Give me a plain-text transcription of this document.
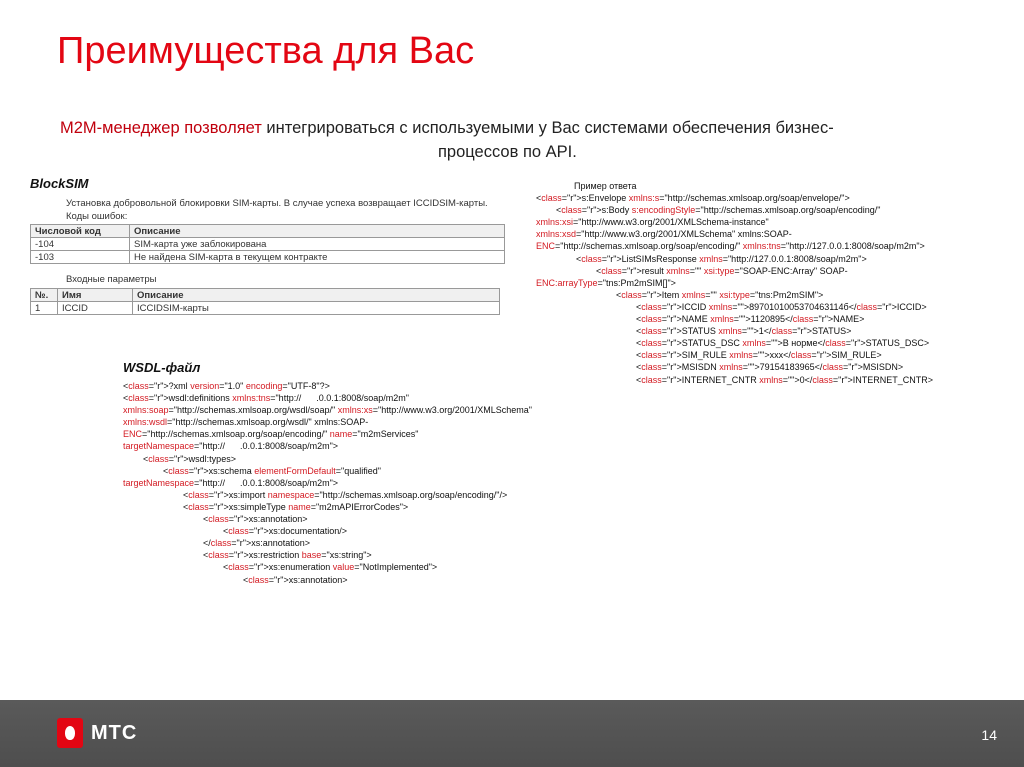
Преимущества для Вас
M2M-менеджер позволяет интегрироваться с используемыми у Вас системами обеспечения бизнес-
процессов по API.
BlockSIM
Установка добровольной блокировки SIM-карты. В случае успеха возвращает ICCIDSIM-карты.
Коды ошибок:
Числовой код	Описание
-104	SIM-карта уже заблокирована
-103	Не найдена SIM-карта в текущем контракте
Входные параметры
№.	Имя	Описание
1	ICCID	ICCIDSIM-карты
WSDL-файл
<class="r">?xml version="1.0" encoding="UTF-8"?>
<class="r">wsdl:definitions xmlns:tns="http://      .0.0.1:8008/soap/m2m"
xmlns:soap="http://schemas.xmlsoap.org/wsdl/soap/" xmlns:xs="http://www.w3.org/2001/XMLSchema"
xmlns:wsdl="http://schemas.xmlsoap.org/wsdl/" xmlns:SOAP-
ENC="http://schemas.xmlsoap.org/soap/encoding/" name="m2mServices"
targetNamespace="http://      .0.0.1:8008/soap/m2m">
<class="r">wsdl:types>
<class="r">xs:schema elementFormDefault="qualified"
targetNamespace="http://      .0.0.1:8008/soap/m2m">
<class="r">xs:import namespace="http://schemas.xmlsoap.org/soap/encoding/"/>
<class="r">xs:simpleType name="m2mAPIErrorCodes">
<class="r">xs:annotation>
<class="r">xs:documentation/>
</class="r">xs:annotation>
<class="r">xs:restriction base="xs:string">
<class="r">xs:enumeration value="NotImplemented">
<class="r">xs:annotation>
Пример ответа
<class="r">s:Envelope xmlns:s="http://schemas.xmlsoap.org/soap/envelope/">
<class="r">s:Body s:encodingStyle="http://schemas.xmlsoap.org/soap/encoding/"
xmlns:xsi="http://www.w3.org/2001/XMLSchema-instance"
xmlns:xsd="http://www.w3.org/2001/XMLSchema" xmlns:SOAP-
ENC="http://schemas.xmlsoap.org/soap/encoding/" xmlns:tns="http://127.0.0.1:8008/soap/m2m">
<class="r">ListSIMsResponse xmlns="http://127.0.0.1:8008/soap/m2m">
<class="r">result xmlns="" xsi:type="SOAP-ENC:Array" SOAP-
ENC:arrayType="tns:Pm2mSIM[]">
<class="r">Item xmlns="" xsi:type="tns:Pm2mSIM">
<class="r">ICCID xmlns="">8970101005370463114б</class="r">ICCID>
<class="r">NAME xmlns="">1120895</class="r">NAME>
<class="r">STATUS xmlns="">1</class="r">STATUS>
<class="r">STATUS_DSC xmlns="">В норме</class="r">STATUS_DSC>
<class="r">SIM_RULE xmlns="">ххх</class="r">SIM_RULE>
<class="r">MSISDN xmlns="">79154183965</class="r">MSISDN>
<class="r">INTERNET_CNTR xmlns="">0</class="r">INTERNET_CNTR>
МТС	14
